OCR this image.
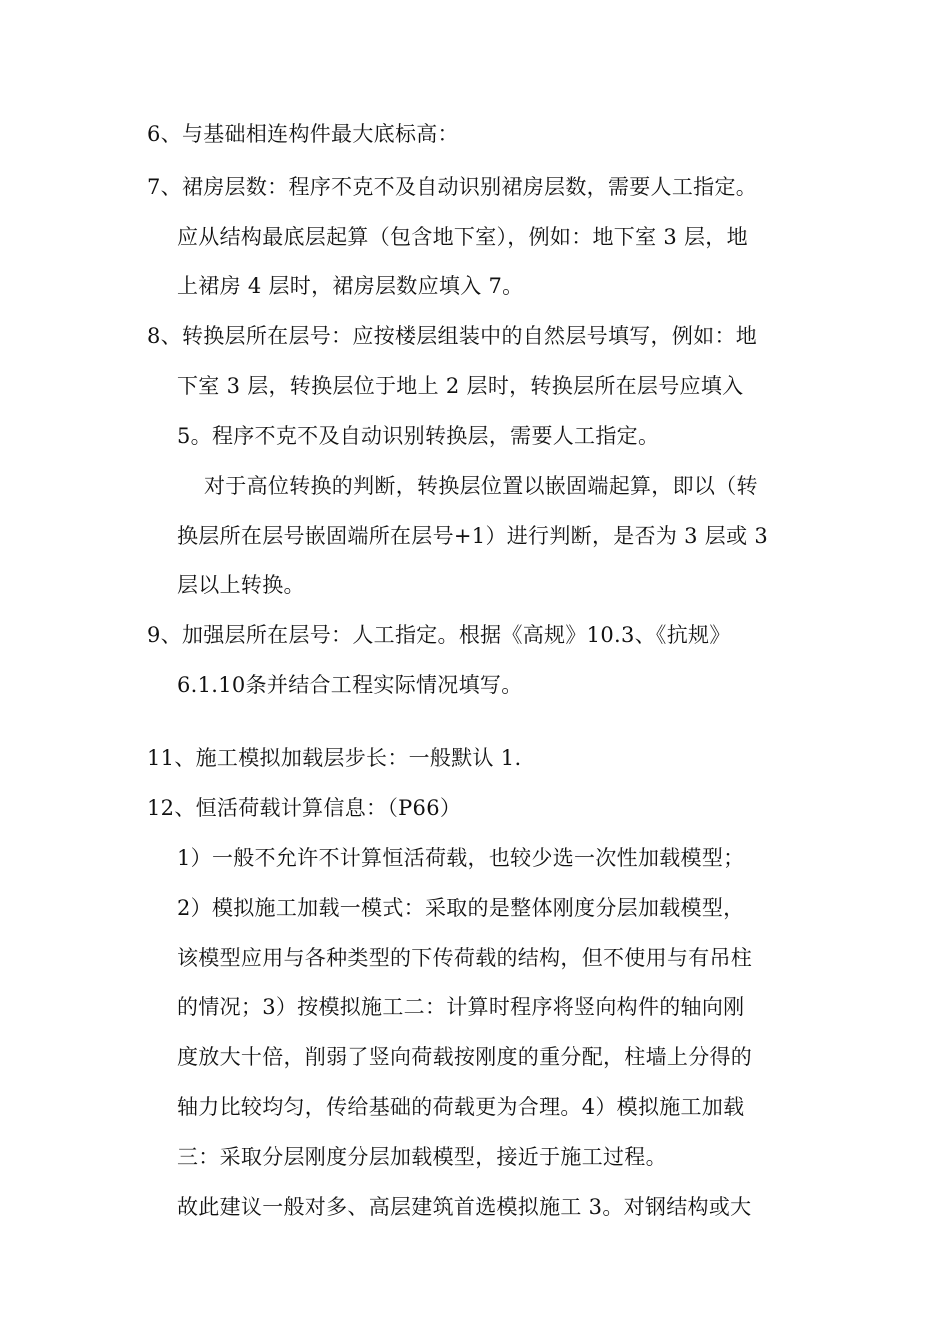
6、与基础相连构件最大底标高：
7、裙房层数：程序不克不及自动识别裙房层数，需要人工指定。
应从结构最底层起算（包含地下室），例如：地下室 3 层，地
上裙房 4 层时，裙房层数应填入 7。
8、转换层所在层号：应按楼层组装中的自然层号填写，例如：地
下室 3 层，转换层位于地上 2 层时，转换层所在层号应填入
5。程序不克不及自动识别转换层，需要人工指定。
对于高位转换的判断，转换层位置以嵌固端起算，即以（转
换层所在层号嵌固端所在层号+1）进行判断，是否为 3 层或 3
层以上转换。
9、加强层所在层号：人工指定。根据《高规》10.3、《抗规》
6.1.10条并结合工程实际情况填写。
11、施工模拟加载层步长：一般默认 1.
12、恒活荷载计算信息：（P66）
1）一般不允许不计算恒活荷载，也较少选一次性加载模型；
2）模拟施工加载一模式：采取的是整体刚度分层加载模型，
该模型应用与各种类型的下传荷载的结构，但不使用与有吊柱
的情况；3）按模拟施工二：计算时程序将竖向构件的轴向刚
度放大十倍，削弱了竖向荷载按刚度的重分配，柱墙上分得的
轴力比较均匀，传给基础的荷载更为合理。4）模拟施工加载
三：采取分层刚度分层加载模型，接近于施工过程。
故此建议一般对多、高层建筑首选模拟施工 3。对钢结构或大
